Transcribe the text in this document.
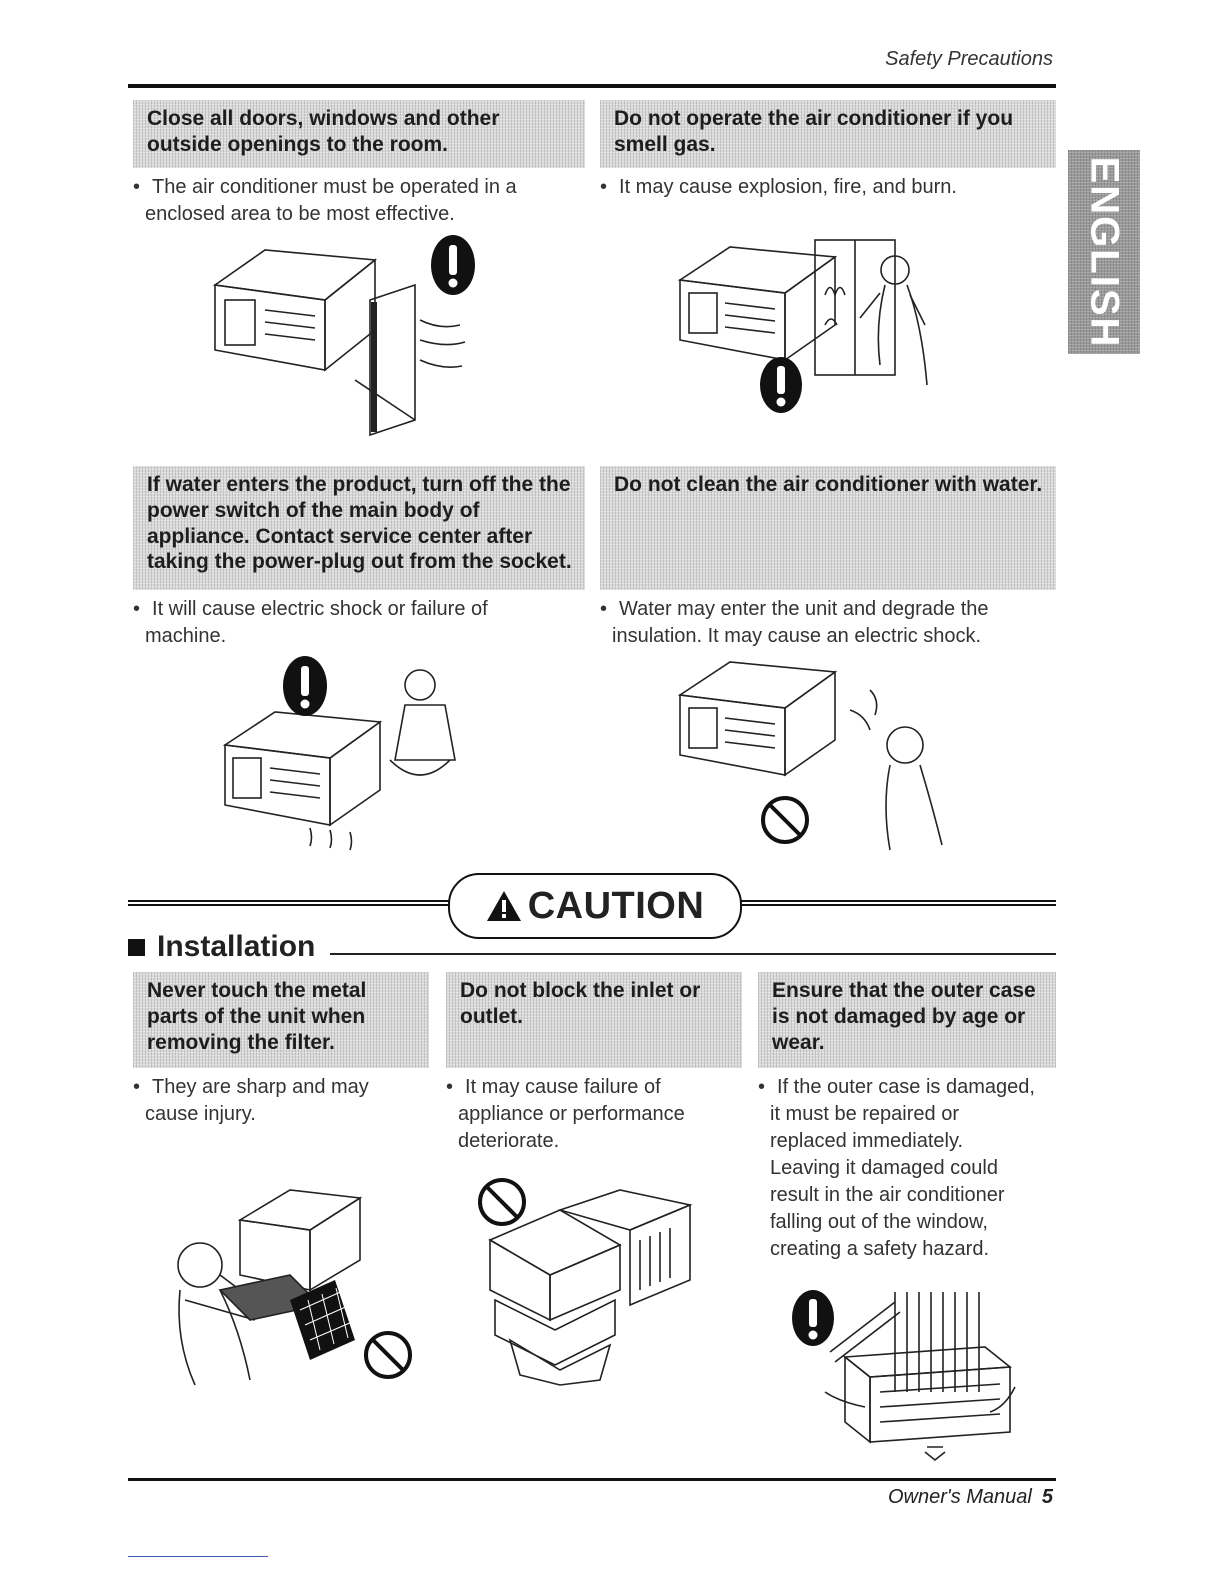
Safety Precautions
ENGLISH
Close all doors, windows and other outside openings to the room.
• The air conditioner must be operated in a
enclosed area to be most effective.
Do not operate the air conditioner if you smell gas.
• It may cause explosion, fire, and burn.
If water enters the product, turn off the the power switch of the main body of appliance. Contact service center after taking the power-plug out from the socket.
• It will cause electric shock or failure of
machine.
Do not clean the air conditioner with water.
• Water may enter the unit and degrade the
insulation. It may cause an electric shock.
CAUTION
Installation
Never touch the metal parts of the unit when removing the filter.
• They are sharp and may
cause injury.
Do not block the inlet or outlet.
• It may cause failure of
appliance or performance
deteriorate.
Ensure that the outer case is not damaged by age or wear.
• If the outer case is damaged,
it must be repaired or
replaced immediately.
Leaving it damaged could
result in the air conditioner
falling out of the window,
creating a safety hazard.
Owner's Manual 5
